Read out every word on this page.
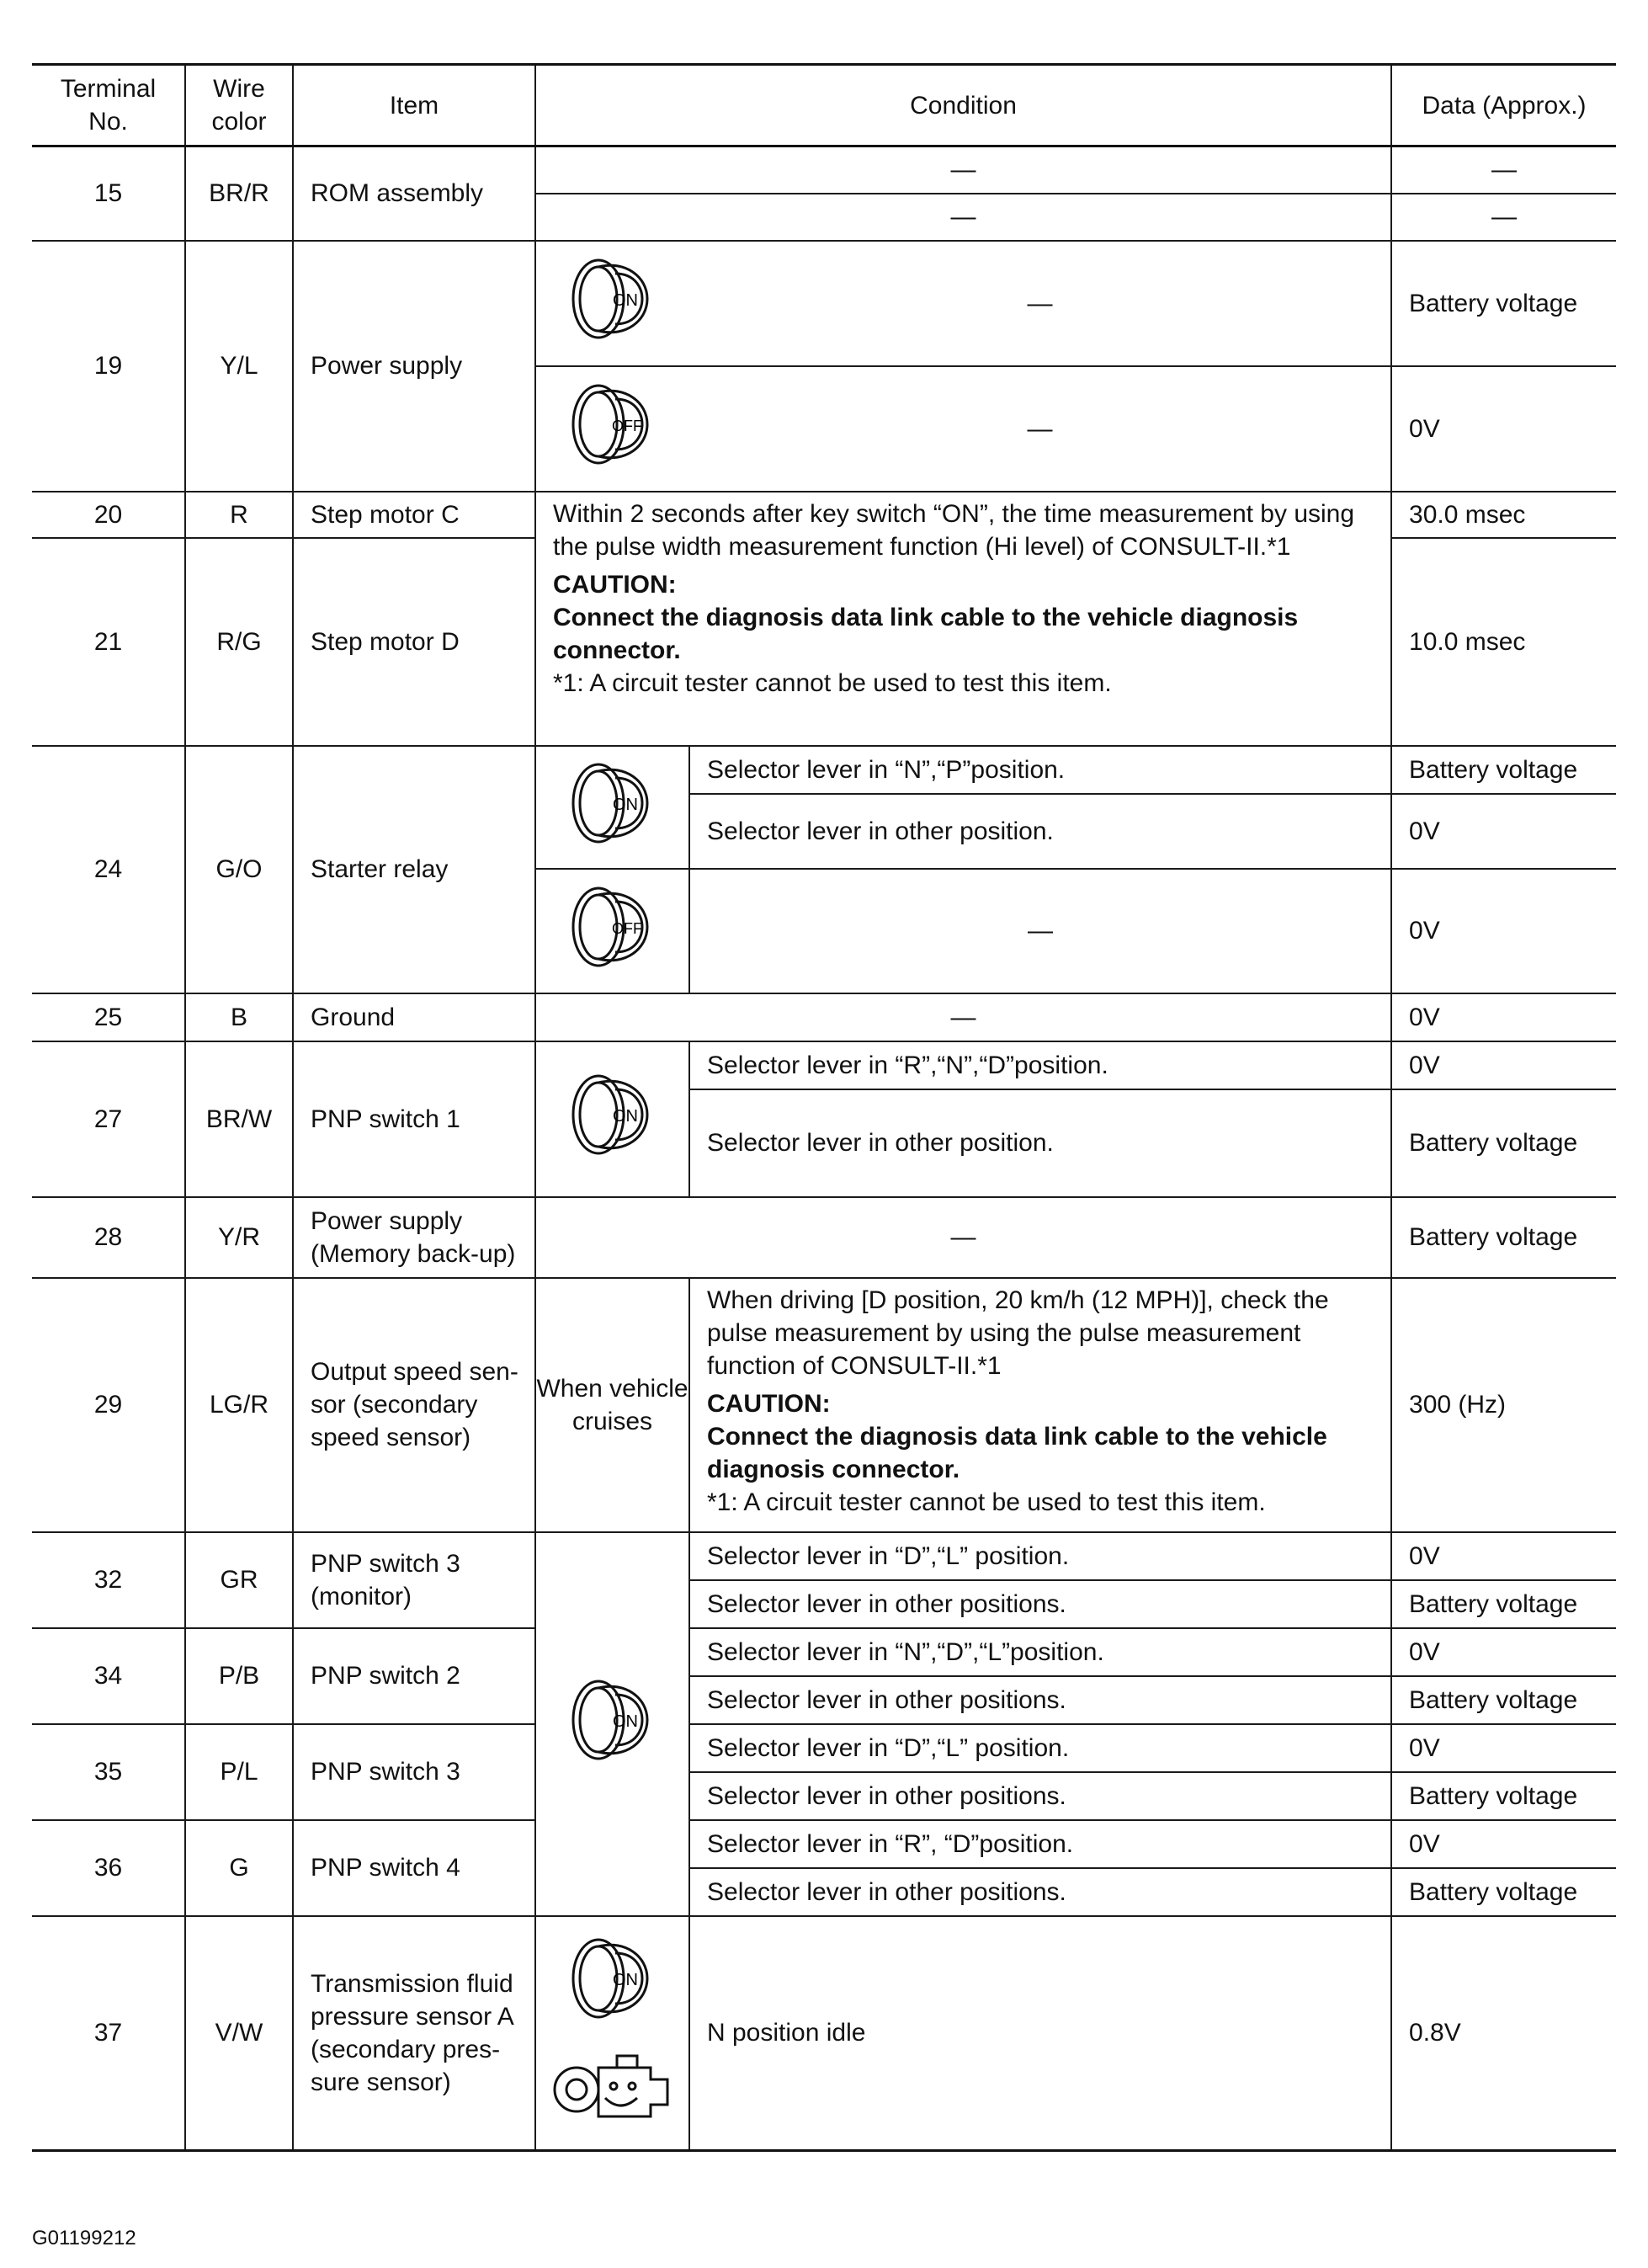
Terminal No.	Wire color	Item	Condition		Data (Approx.)
15	BR/R	ROM assembly	—		—
			—		—
19	Y/L	Power supply	ON	—	Battery voltage

OFF	—	0V
20	R	Step motor C	Within 2 seconds after key switch “ON”, the time measurement by using the pulse width measurement function (Hi level) of CONSULT-II.*1
CAUTION:
Connect the diagnosis data link cable to the vehicle diagnosis connector.
*1: A circuit tester cannot be used to test this item.		30.0 msec
21	R/G	Step motor D			10.0 msec
24	G/O	Starter relay	ON	Selector lever in “N”,“P”position.	Battery voltage
				Selector lever in other position.	0V

OFF	—	0V
25	B	Ground	—		0V
27	BR/W	PNP switch 1	ON	Selector lever in “R”,“N”,“D”position.	0V
				Selector lever in other position.	Battery voltage
28	Y/R	Power supply (Memory back-up)	—		Battery voltage
29	LG/R	Output speed sen-sor (secondary speed sensor)	When vehicle cruises	When driving [D position, 20 km/h (12 MPH)], check the pulse measurement by using the pulse measurement function of CONSULT-II.*1
CAUTION:
Connect the diagnosis data link cable to the vehicle diagnosis connector.
*1: A circuit tester cannot be used to test this item.	300 (Hz)
32	GR	PNP switch 3 (monitor)	ON	Selector lever in “D”,“L” position.	0V
				Selector lever in other positions.	Battery voltage
34	P/B	PNP switch 2		Selector lever in “N”,“D”,“L”position.	0V
				Selector lever in other positions.	Battery voltage
35	P/L	PNP switch 3		Selector lever in “D”,“L” position.	0V
				Selector lever in other positions.	Battery voltage
36	G	PNP switch 4		Selector lever in “R”, “D”position.	0V
				Selector lever in other positions.	Battery voltage
37	V/W	Transmission fluid pressure sensor A (secondary pres-sure sensor)	ON	N position idle	0.8V
G01199212
